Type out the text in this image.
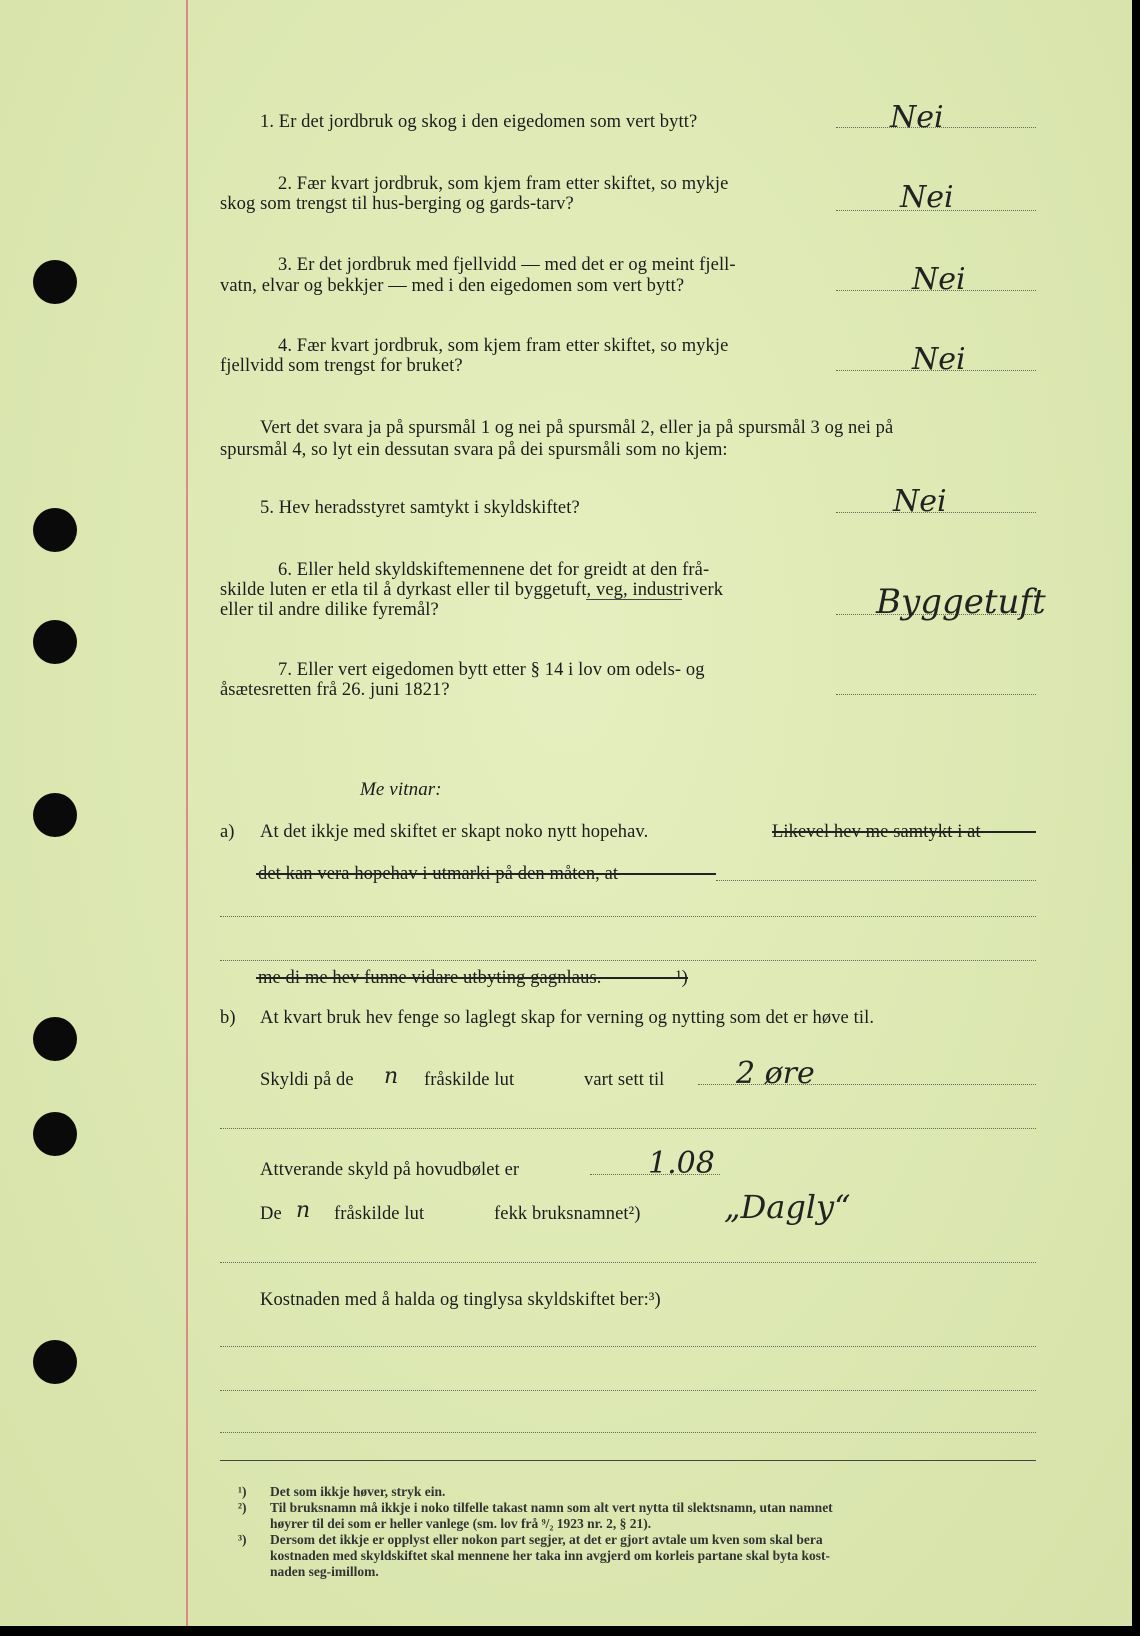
1. Er det jordbruk og skog i den eigedomen som vert bytt?	Nei
2. Fær kvart jordbruk, som kjem fram etter skiftet, so mykje
skog som trengst til hus-berging og gards-tarv?	Nei
3. Er det jordbruk med fjellvidd — med det er og meint fjell-
vatn, elvar og bekkjer — med i den eigedomen som vert bytt?	Nei
4. Fær kvart jordbruk, som kjem fram etter skiftet, so mykje
fjellvidd som trengst for bruket?	Nei
Vert det svara ja på spursmål 1 og nei på spursmål 2, eller ja på spursmål 3 og nei på
spursmål 4, so lyt ein dessutan svara på dei spursmåli som no kjem:
5. Hev heradsstyret samtykt i skyldskiftet?	Nei
6. Eller held skyldskiftemennene det for greidt at den frå-
skilde luten er etla til å dyrkast eller til byggetuft, veg, industriverk
eller til andre dilike fyremål?	Byggetuft
7. Eller vert eigedomen bytt etter § 14 i lov om odels- og
åsætesretten frå 26. juni 1821?
Me vitnar:
a) At det ikkje med skiftet er skapt noko nytt hopehav.	Likevel hev me samtykt i at
det kan vera hopehav i utmarki på den måten, at
me di me hev funne vidare utbyting gagnlaus.	¹)
b) At kvart bruk hev fenge so laglegt skap for verning og nytting som det er høve til.
Skyldi på de n fråskilde lut	vart sett til 2 øre
Attverande skyld på hovudbølet er	1.08
De n fråskilde lut	fekk bruksnamnet²)	„Dagly“
Kostnaden med å halda og tinglysa skyldskiftet ber:³)
¹) Det som ikkje høver, stryk ein.
²) Til bruksnamn må ikkje i noko tilfelle takast namn som alt vert nytta til slektsnamn, utan namnet
høyrer til dei som er heller vanlege (sm. lov frå ⁹/₂ 1923 nr. 2, § 21).
³) Dersom det ikkje er opplyst eller nokon part segjer, at det er gjort avtale um kven som skal bera
kostnaden med skyldskiftet skal mennene her taka inn avgjerd om korleis partane skal byta kost-
naden seg-imillom.
